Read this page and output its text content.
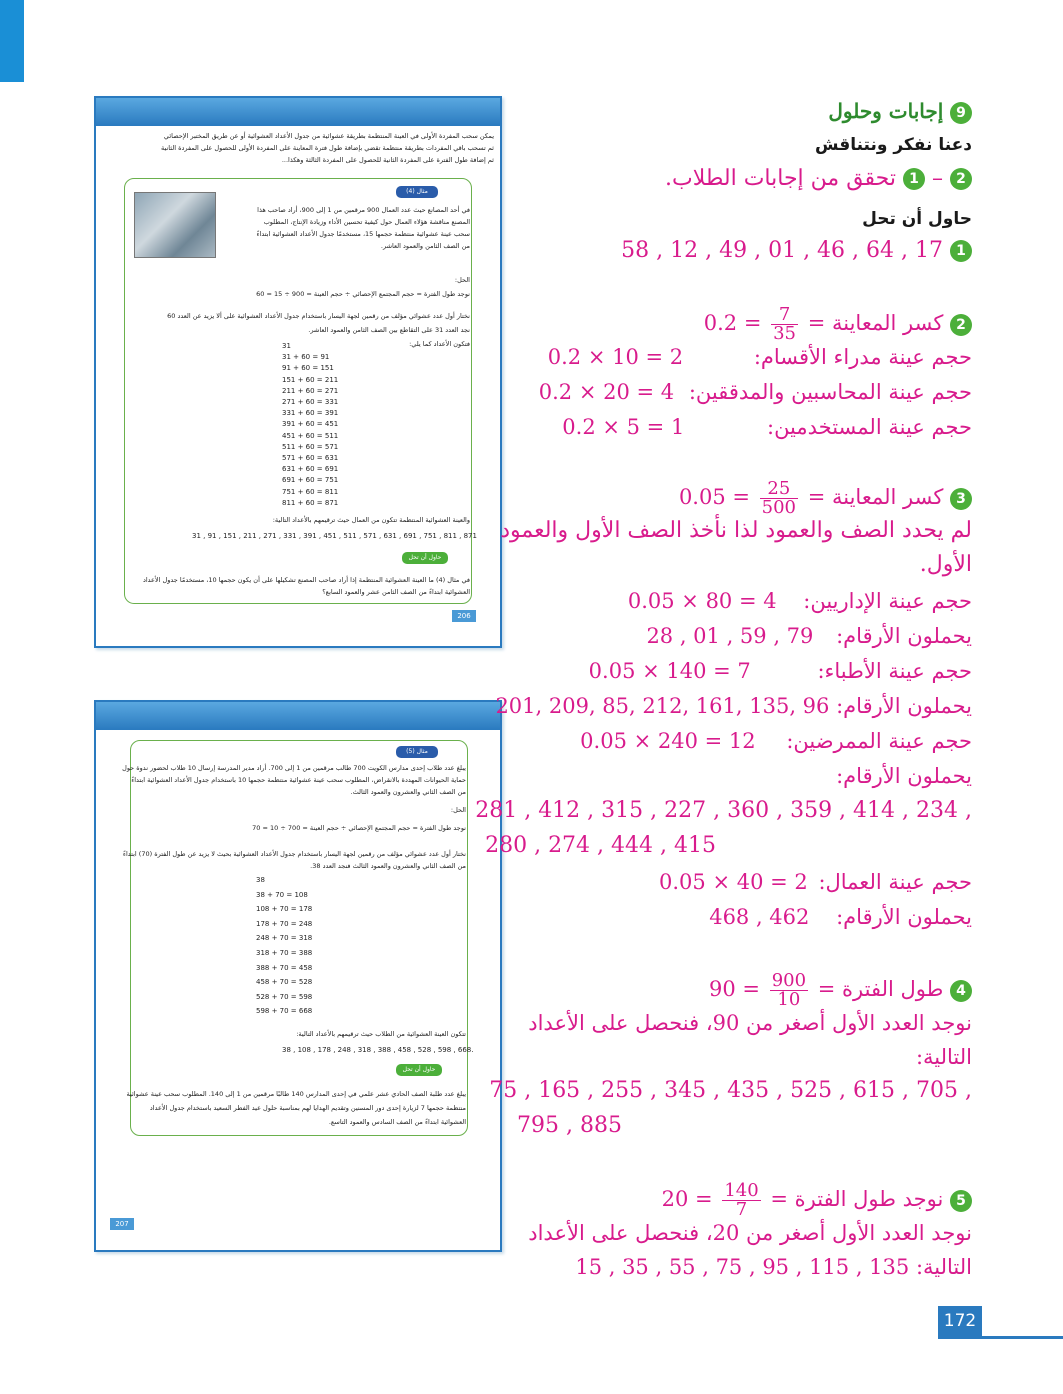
يمكن سحب المفردة الأولى في العينة المنتظمة بطريقة عشوائية من جدول الأعداد العشوائية أو عن طريق المختبر الإحصائي
ثم تسحب باقي المفردات بطريقة منتظمة تقضي بإضافة طول فترة المعاينة على المفردة الأولى للحصول على المفردة الثانية
ثم إضافة طول الفترة على المفردة الثانية للحصول على المفردة الثالثة وهكذا...
مثال (4)
في أحد المصانع حيث عدد العمال 900 مرقمين من 1 إلى 900، أراد صاحب هذا
المصنع مناقشة هؤلاء العمال حول كيفية تحسين الأداء وزيادة الإنتاج، المطلوب
سحب عينة عشوائية منتظمة حجمها 15، مستخدمًا جدول الأعداد العشوائية ابتداءً
من الصف الثامن والعمود العاشر.
الحل:
نوجد طول الفترة = حجم المجتمع الإحصائي ÷ حجم العينة = 900 ÷ 15 = 60
نختار أول عدد عشوائي مؤلف من رقمين لجهة اليسار باستخدام جدول الأعداد العشوائية على ألا يزيد عن العدد 60
نجد العدد 31 على التقاطع بين الصف الثامن والعمود العاشر.
فتكون الأعداد كما يلي:
31
31 + 60 = 91
91 + 60 = 151
151 + 60 = 211
211 + 60 = 271
271 + 60 = 331
331 + 60 = 391
391 + 60 = 451
451 + 60 = 511
511 + 60 = 571
571 + 60 = 631
631 + 60 = 691
691 + 60 = 751
751 + 60 = 811
811 + 60 = 871
والعينة العشوائية المنتظمة تتكون من العمال حيث ترقيمهم بالأعداد التالية:
31 , 91 , 151 , 211 , 271 , 331 , 391 , 451 , 511 , 571 , 631 , 691 , 751 , 811 , 871
حاول أن تحل
في مثال (4) ما العينة العشوائية المنتظمة إذا أراد صاحب المصنع تشكيلها على أن يكون حجمها 10، مستخدمًا جدول الأعداد
العشوائية ابتداءً من الصف الثامن عشر والعمود السابع؟
206
مثال (5)
يبلغ عدد طلاب إحدى مدارس الكويت 700 طالب مرقمين من 1 إلى 700. أراد مدير المدرسة إرسال 10 طلاب لحضور ندوة حول
حماية الحيوانات المهددة بالانقراض، المطلوب سحب عينة عشوائية منتظمة حجمها 10 باستخدام جدول الأعداد العشوائية ابتداءً
من الصف الثاني والعشرون والعمود الثالث.
الحل:
نوجد طول الفترة = حجم المجتمع الإحصائي ÷ حجم العينة = 700 ÷ 10 = 70
نختار أول عدد عشوائي مؤلف من رقمين لجهة اليسار باستخدام جدول الأعداد العشوائية بحيث لا يزيد عن طول الفترة (70) ابتداءً
من الصف الثاني والعشرون والعمود الثالث فنجد العدد 38.
38
38 + 70 = 108
108 + 70 = 178
178 + 70 = 248
248 + 70 = 318
318 + 70 = 388
388 + 70 = 458
458 + 70 = 528
528 + 70 = 598
598 + 70 = 668
تتكون العينة العشوائية من الطلاب حيث ترقيمهم بالأعداد التالية:
38 , 108 , 178 , 248 , 318 , 388 , 458 , 528 , 598 , 668.
حاول أن تحل
يبلغ عدد طلبة الصف الحادي عشر علمي في إحدى المدارس 140 طالبًا مرقمين من 1 إلى 140. المطلوب سحب عينة عشوائية
منتظمة حجمها 7 لزيارة إحدى دور المسنين وتقديم الهدايا لهم بمناسبة حلول عيد الفطر السعيد باستخدام جدول الأعداد
العشوائية ابتداءً من الصف السادس والعمود التاسع.
207
9 إجابات وحلول
دعنا نفكر ونتناقش
2 – 1 تحقق من إجابات الطلاب.
حاول أن تحل
1 58 , 12 , 49 , 01 , 46 , 64 , 17
2 كسر المعاينة =
$\frac{7}{35}$
0.2 =
حجم عينة مدراء الأقسام: 0.2 × 10 = 2
حجم عينة المحاسبين والمدققين: 0.2 × 20 = 4
حجم عينة المستخدمين: 0.2 × 5 = 1
3 كسر المعاينة =
$\frac{25}{500}$
0.05 =
لم يحدد الصف والعمود لذا نأخذ الصف الأول والعمود
الأول.
حجم عينة الإداريين: 0.05 × 80 = 4
يحملون الأرقام: 28 , 01 , 59 , 79
حجم عينة الأطباء: 0.05 × 140 = 7
يحملون الأرقام: 201, 209, 85, 212, 161, 135, 96
حجم عينة الممرضين: 0.05 × 240 = 12
يحملون الأرقام:
281 , 412 , 315 , 227 , 360 , 359 , 414 , 234 ,
280 , 274 , 444 , 415
حجم عينة العمال: 0.05 × 40 = 2
يحملون الأرقام: 468 , 462
4 طول الفترة =
$\frac{900}{10}$
90 =
نوجد العدد الأول أصغر من 90، فنحصل على الأعداد
التالية:
75 , 165 , 255 , 345 , 435 , 525 , 615 , 705 ,
795 , 885
5 نوجد طول الفترة =
$\frac{140}{7}$
20 =
نوجد العدد الأول أصغر من 20، فنحصل على الأعداد
التالية: 15 , 35 , 55 , 75 , 95 , 115 , 135
172
